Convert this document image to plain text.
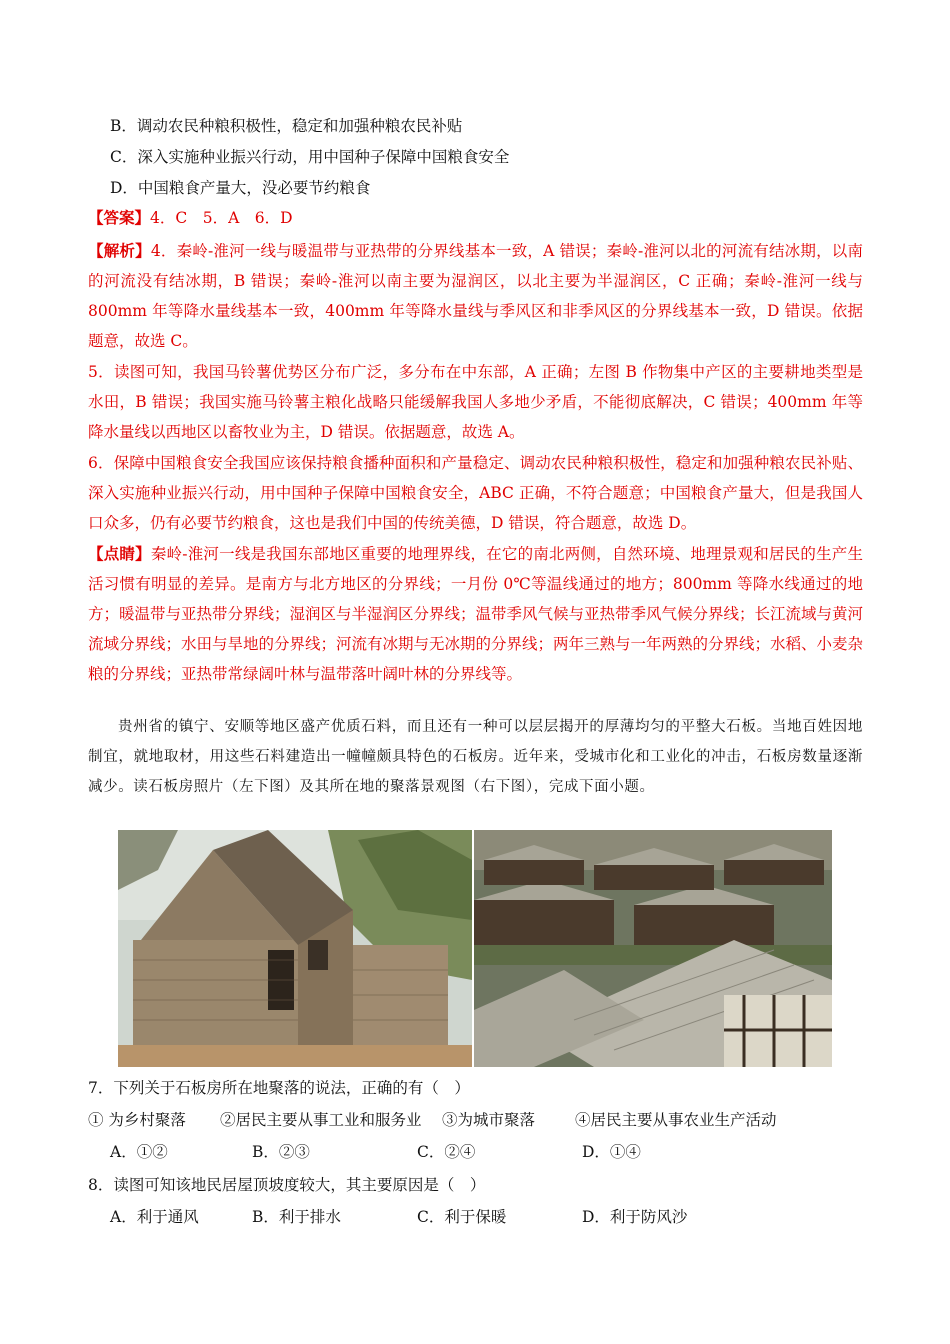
B．调动农民种粮积极性，稳定和加强种粮农民补贴
C．深入实施种业振兴行动，用中国种子保障中国粮食安全
D．中国粮食产量大，没必要节约粮食
【答案】4．C　5．A　6．D
【解析】4．秦岭-淮河一线与暖温带与亚热带的分界线基本一致，A 错误；秦岭-淮河以北的河流有结冰期，以南的河流没有结冰期，B 错误；秦岭-淮河以南主要为湿润区，以北主要为半湿润区，C 正确；秦岭-淮河一线与 800mm 年等降水量线基本一致，400mm 年等降水量线与季风区和非季风区的分界线基本一致，D 错误。依据题意，故选 C。
5．读图可知，我国马铃薯优势区分布广泛，多分布在中东部，A 正确；左图 B 作物集中产区的主要耕地类型是水田，B 错误；我国实施马铃薯主粮化战略只能缓解我国人多地少矛盾，不能彻底解决，C 错误；400mm 年等降水量线以西地区以畜牧业为主，D 错误。依据题意，故选 A。
6．保障中国粮食安全我国应该保持粮食播种面积和产量稳定、调动农民种粮积极性，稳定和加强种粮农民补贴、深入实施种业振兴行动，用中国种子保障中国粮食安全，ABC 正确，不符合题意；中国粮食产量大，但是我国人口众多，仍有必要节约粮食，这也是我们中国的传统美德，D 错误，符合题意，故选 D。
【点睛】秦岭-淮河一线是我国东部地区重要的地理界线，在它的南北两侧，自然环境、地理景观和居民的生产生活习惯有明显的差异。是南方与北方地区的分界线；一月份 0℃等温线通过的地方；800mm 等降水线通过的地方；暖温带与亚热带分界线；湿润区与半湿润区分界线；温带季风气候与亚热带季风气候分界线；长江流域与黄河流域分界线；水田与旱地的分界线；河流有冰期与无冰期的分界线；两年三熟与一年两熟的分界线；水稻、小麦杂粮的分界线；亚热带常绿阔叶林与温带落叶阔叶林的分界线等。
贵州省的镇宁、安顺等地区盛产优质石料，而且还有一种可以层层揭开的厚薄均匀的平整大石板。当地百姓因地制宜，就地取材，用这些石料建造出一幢幢颇具特色的石板房。近年来，受城市化和工业化的冲击，石板房数量逐渐减少。读石板房照片（左下图）及其所在地的聚落景观图（右下图），完成下面小题。
7．下列关于石板房所在地聚落的说法，正确的有（　）
① 为乡村聚落 ②居民主要从事工业和服务业 ③为城市聚落	④居民主要从事农业生产活动
A．①②	B．②③	C．②④	D．①④
8．读图可知该地民居屋顶坡度较大，其主要原因是（　）
A．利于通风	B．利于排水	C．利于保暖	D．利于防风沙
